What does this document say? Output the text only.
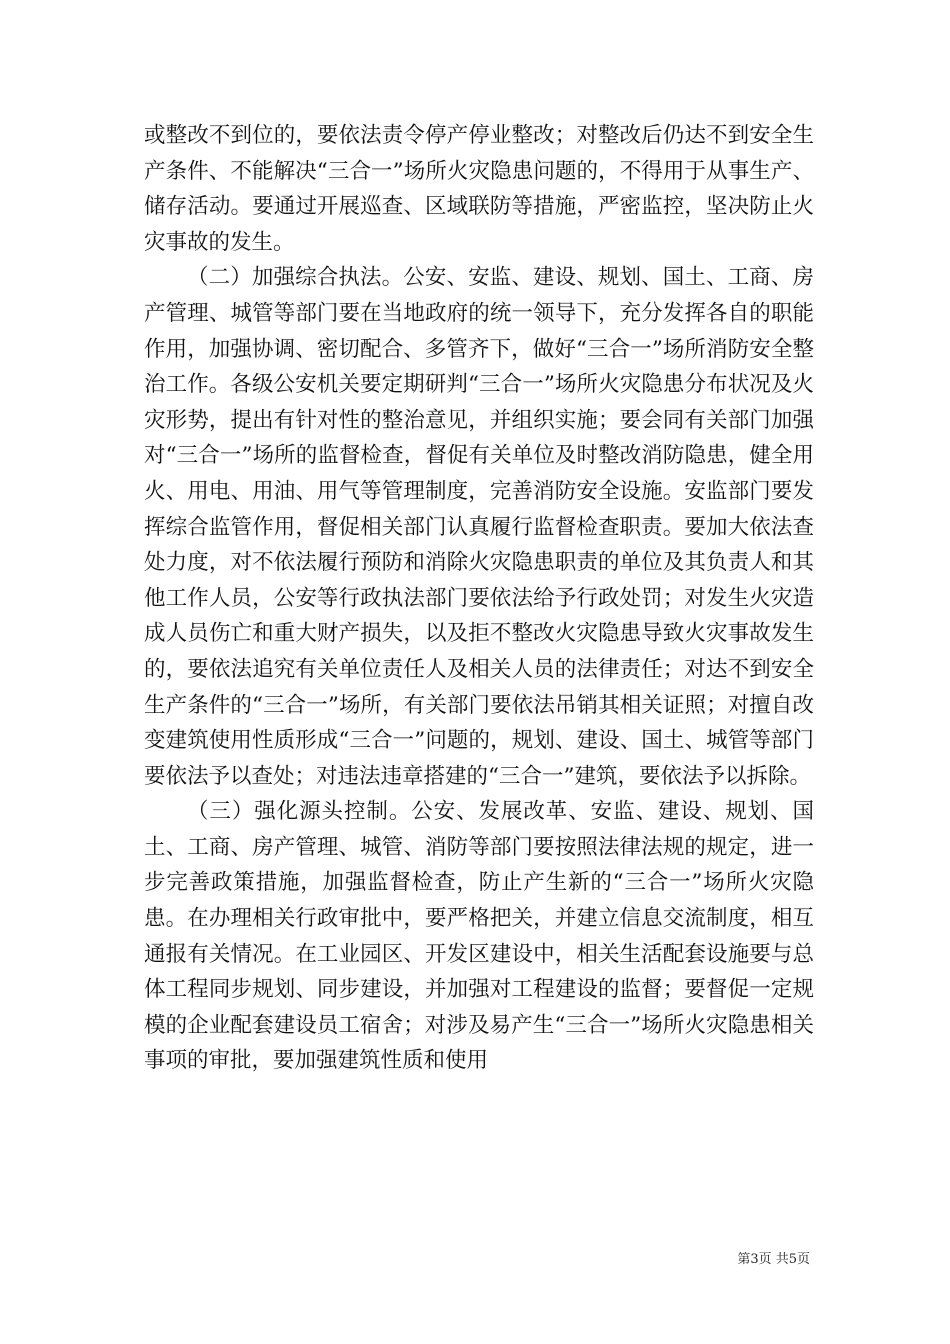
或整改不到位的，要依法责令停产停业整改；对整改后仍达不到安全生产条件、不能解决“三合一”场所火灾隐患问题的，不得用于从事生产、储存活动。要通过开展巡查、区域联防等措施，严密监控，坚决防止火灾事故的发生。

（二）加强综合执法。公安、安监、建设、规划、国土、工商、房产管理、城管等部门要在当地政府的统一领导下，充分发挥各自的职能作用，加强协调、密切配合、多管齐下，做好“三合一”场所消防安全整治工作。各级公安机关要定期研判“三合一”场所火灾隐患分布状况及火灾形势，提出有针对性的整治意见，并组织实施；要会同有关部门加强对“三合一”场所的监督检查，督促有关单位及时整改消防隐患，健全用火、用电、用油、用气等管理制度，完善消防安全设施。安监部门要发挥综合监管作用，督促相关部门认真履行监督检查职责。要加大依法查处力度，对不依法履行预防和消除火灾隐患职责的单位及其负责人和其他工作人员，公安等行政执法部门要依法给予行政处罚；对发生火灾造成人员伤亡和重大财产损失，以及拒不整改火灾隐患导致火灾事故发生的，要依法追究有关单位责任人及相关人员的法律责任；对达不到安全生产条件的“三合一”场所，有关部门要依法吊销其相关证照；对擅自改变建筑使用性质形成“三合一”问题的，规划、建设、国土、城管等部门要依法予以查处；对违法违章搭建的“三合一”建筑，要依法予以拆除。

（三）强化源头控制。公安、发展改革、安监、建设、规划、国土、工商、房产管理、城管、消防等部门要按照法律法规的规定，进一步完善政策措施，加强监督检查，防止产生新的“三合一”场所火灾隐患。在办理相关行政审批中，要严格把关，并建立信息交流制度，相互通报有关情况。在工业园区、开发区建设中，相关生活配套设施要与总体工程同步规划、同步建设，并加强对工程建设的监督；要督促一定规模的企业配套建设员工宿舍；对涉及易产生“三合一”场所火灾隐患相关事项的审批，要加强建筑性质和使用

第3页 共5页
